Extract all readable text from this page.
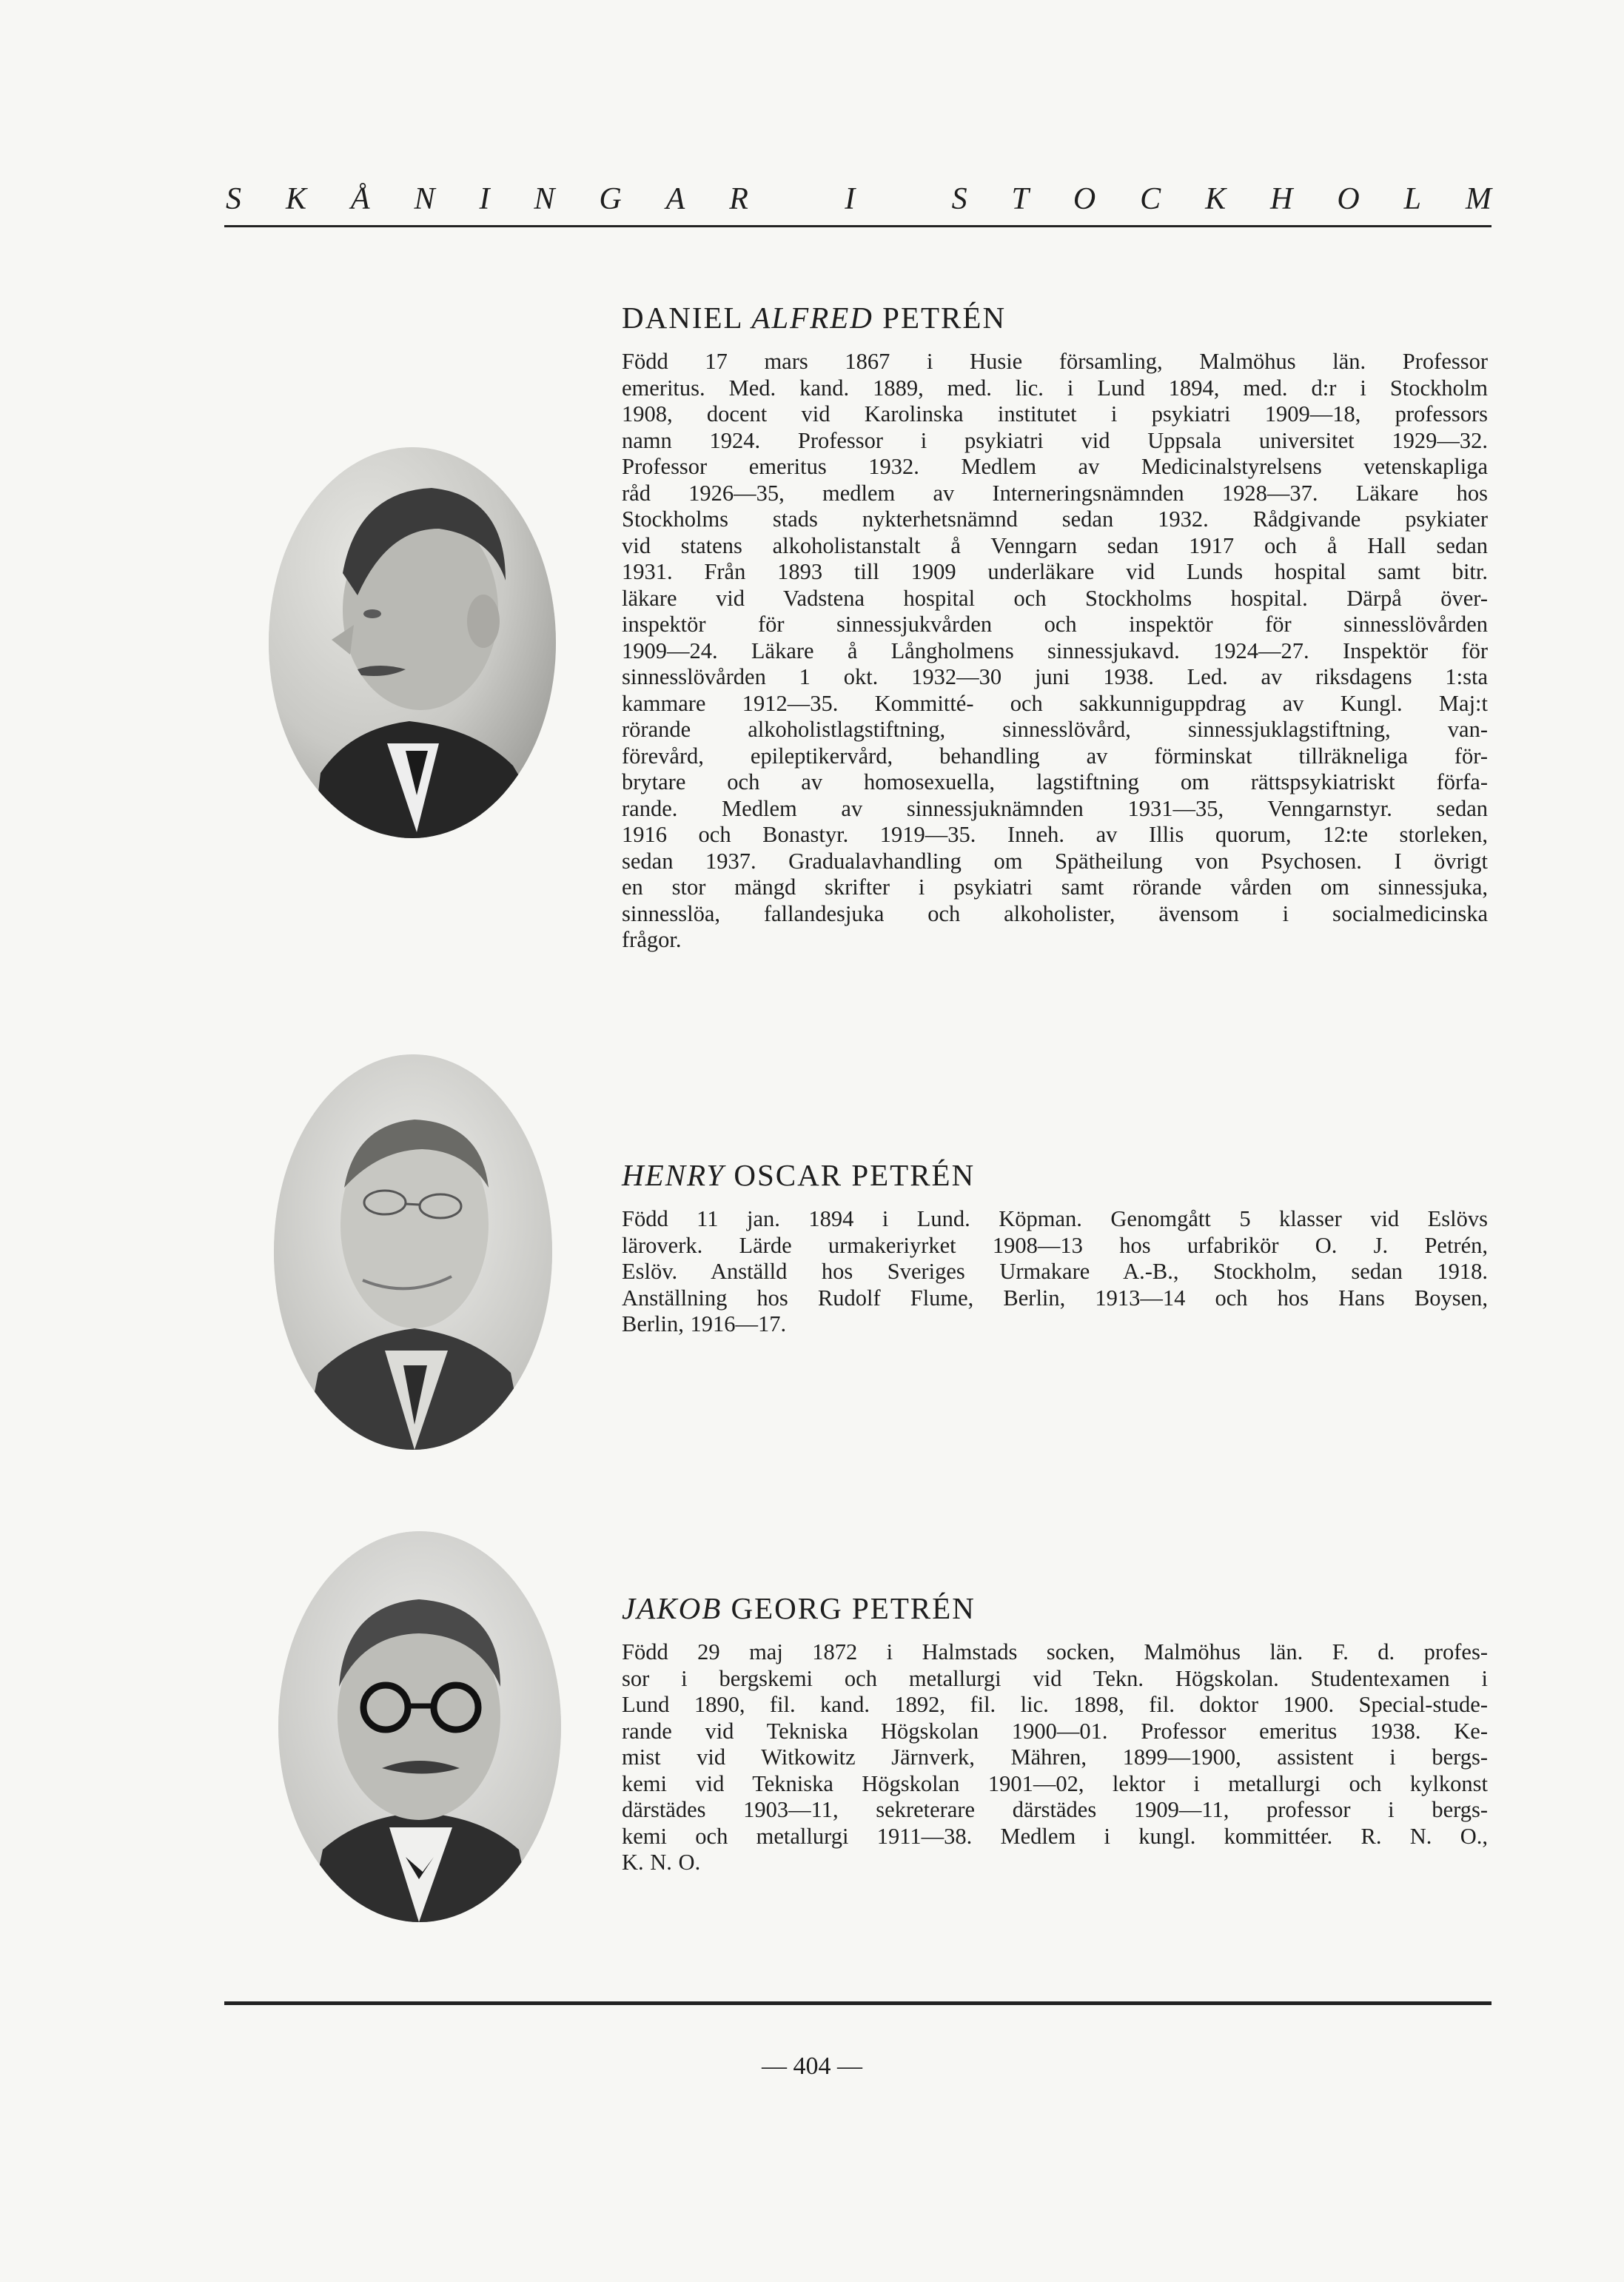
S K Å N I N G A R
	I
	S T O C K H O L M
DANIEL ALFRED PETRÉN

Född 17 mars 1867 i Husie församling, Malmöhus län. Professor
emeritus. Med. kand. 1889, med. lic. i Lund 1894, med. d:r i Stockholm
1908, docent vid Karolinska institutet i psykiatri 1909—18, professors
namn 1924. Professor i psykiatri vid Uppsala universitet 1929—32.
Professor emeritus 1932. Medlem av Medicinalstyrelsens vetenskapliga
råd 1926—35, medlem av Interneringsnämnden 1928—37. Läkare hos
Stockholms stads nykterhetsnämnd sedan 1932. Rådgivande psykiater
vid statens alkoholistanstalt å Venngarn sedan 1917 och å Hall sedan
1931. Från 1893 till 1909 underläkare vid Lunds hospital samt bitr.
läkare vid Vadstena hospital och Stockholms hospital. Därpå över-
inspektör för sinnessjukvården och inspektör för sinnesslövården
1909—24. Läkare å Långholmens sinnessjukavd. 1924—27. Inspektör för
sinnesslövården 1 okt. 1932—30 juni 1938. Led. av riksdagens 1:sta
kammare 1912—35. Kommitté- och sakkunniguppdrag av Kungl. Maj:t
rörande alkoholistlagstiftning, sinnesslövård, sinnessjuklagstiftning, van-
förevård, epileptikervård, behandling av förminskat tillräkneliga för-
brytare och av homosexuella, lagstiftning om rättspsykiatriskt förfa-
rande. Medlem av sinnessjuknämnden 1931—35, Venngarnstyr. sedan
1916 och Bonastyr. 1919—35. Inneh. av Illis quorum, 12:te storleken,
sedan 1937. Gradualavhandling om Spätheilung von Psychosen. I övrigt
en stor mängd skrifter i psykiatri samt rörande vården om sinnessjuka,
sinnesslöa, fallandesjuka och alkoholister, ävensom i socialmedicinska
frågor.

HENRY OSCAR PETRÉN

Född 11 jan. 1894 i Lund. Köpman. Genomgått 5 klasser vid Eslövs
läroverk. Lärde urmakeriyrket 1908—13 hos urfabrikör O. J. Petrén,
Eslöv. Anställd hos Sveriges Urmakare A.-B., Stockholm, sedan 1918.
Anställning hos Rudolf Flume, Berlin, 1913—14 och hos Hans Boysen,
Berlin, 1916—17.

JAKOB GEORG PETRÉN

Född 29 maj 1872 i Halmstads socken, Malmöhus län. F. d. profes-
sor i bergskemi och metallurgi vid Tekn. Högskolan. Studentexamen i
Lund 1890, fil. kand. 1892, fil. lic. 1898, fil. doktor 1900. Special-stude-
rande vid Tekniska Högskolan 1900—01. Professor emeritus 1938. Ke-
mist vid Witkowitz Järnverk, Mähren, 1899—1900, assistent i bergs-
kemi vid Tekniska Högskolan 1901—02, lektor i metallurgi och kylkonst
därstädes 1903—11, sekreterare därstädes 1909—11, professor i bergs-
kemi och metallurgi 1911—38. Medlem i kungl. kommittéer. R. N. O.,
K. N. O.

— 404 —
